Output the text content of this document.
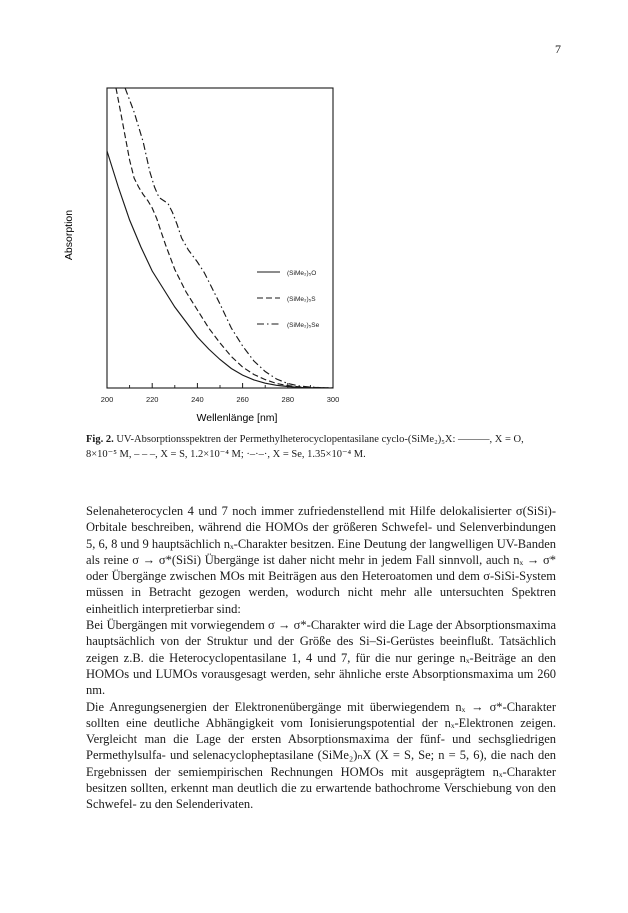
7
200	220	240	260	280	300
(SiMe₂)₅O
(SiMe₂)₅S
(SiMe₂)₅Se
Wellenlänge [nm]
Absorption
Fig. 2. UV-Absorptionsspektren der Permethylheterocyclopentasilane cyclo-(SiMe₂)₅X: ———, X = O, 8×10⁻⁵ M, – – –, X = S, 1.2×10⁻⁴ M; ·–·–·, X = Se, 1.35×10⁻⁴ M.

Selenaheterocyclen 4 und 7 noch immer zufriedenstellend mit Hilfe delokalisierter σ(SiSi)-Orbitale beschreiben, während die HOMOs der größeren Schwefel- und Selenverbindungen 5, 6, 8 und 9 hauptsächlich nₓ-Charakter besitzen. Eine Deutung der langwelligen UV-Banden als reine σ → σ*(SiSi) Übergänge ist daher nicht mehr in jedem Fall sinnvoll, auch nₓ → σ* oder Übergänge zwischen MOs mit Beiträgen aus den Heteroatomen und dem σ-SiSi-System müssen in Betracht gezogen werden, wodurch nicht mehr alle untersuchten Spektren einheitlich interpretierbar sind:

Bei Übergängen mit vorwiegendem σ → σ*-Charakter wird die Lage der Absorptionsmaxima hauptsächlich von der Struktur und der Größe des Si–Si-Gerüstes beeinflußt. Tatsächlich zeigen z.B. die Heterocyclopentasilane 1, 4 und 7, für die nur geringe nₓ-Beiträge an den HOMOs und LUMOs vorausgesagt werden, sehr ähnliche erste Absorptionsmaxima um 260 nm.

Die Anregungsenergien der Elektronenübergänge mit überwiegendem nₓ → σ*-Charakter sollten eine deutliche Abhängigkeit vom Ionisierungspotential der nₓ-Elektronen zeigen. Vergleicht man die Lage der ersten Absorptionsmaxima der fünf- und sechsgliedrigen Permethylsulfa- und selenacyclopheptasilane (SiMe₂)ₙX (X = S, Se; n = 5, 6), die nach den Ergebnissen der semiempirischen Rechnungen HOMOs mit ausgeprägtem nₓ-Charakter besitzen sollten, erkennt man deutlich die zu erwartende bathochrome Verschiebung von den Schwefel- zu den Selenderivaten.
